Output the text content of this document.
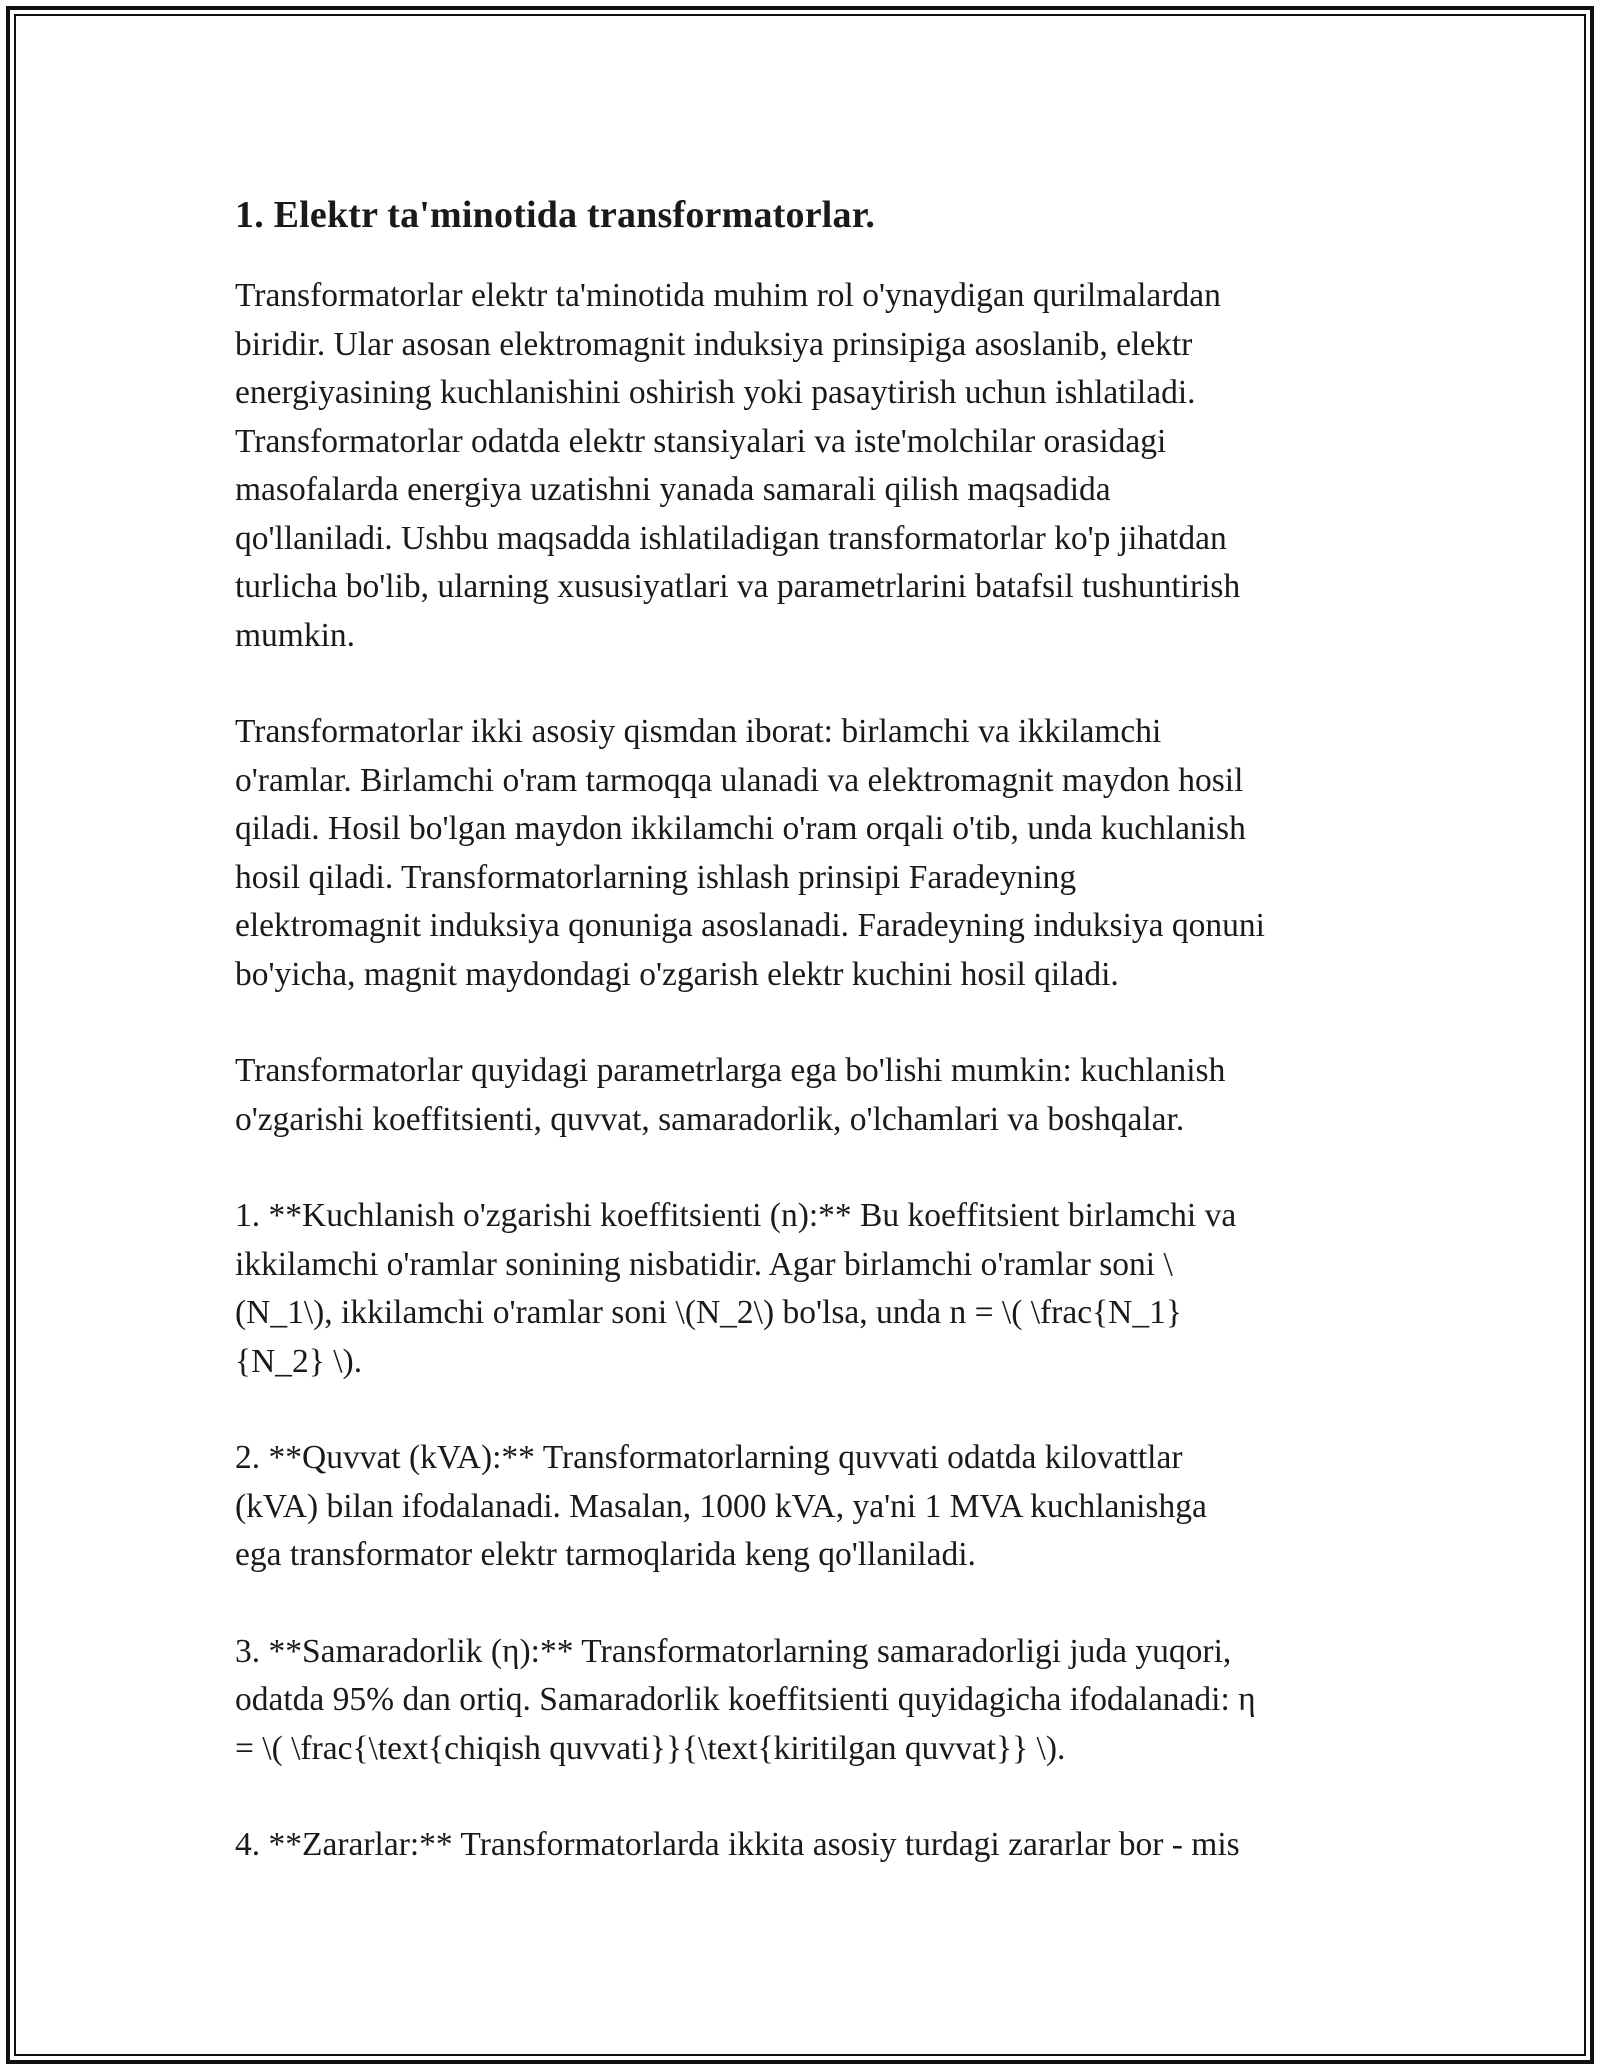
1. Elektr ta'minotida transformatorlar.

Transformatorlar elektr ta'minotida muhim rol o'ynaydigan qurilmalardan
biridir. Ular asosan elektromagnit induksiya prinsipiga asoslanib, elektr
energiyasining kuchlanishini oshirish yoki pasaytirish uchun ishlatiladi.
Transformatorlar odatda elektr stansiyalari va iste'molchilar orasidagi
masofalarda energiya uzatishni yanada samarali qilish maqsadida
qo'llaniladi. Ushbu maqsadda ishlatiladigan transformatorlar ko'p jihatdan
turlicha bo'lib, ularning xususiyatlari va parametrlarini batafsil tushuntirish
mumkin.

Transformatorlar ikki asosiy qismdan iborat: birlamchi va ikkilamchi
o'ramlar. Birlamchi o'ram tarmoqqa ulanadi va elektromagnit maydon hosil
qiladi. Hosil bo'lgan maydon ikkilamchi o'ram orqali o'tib, unda kuchlanish
hosil qiladi. Transformatorlarning ishlash prinsipi Faradeyning
elektromagnit induksiya qonuniga asoslanadi. Faradeyning induksiya qonuni
bo'yicha, magnit maydondagi o'zgarish elektr kuchini hosil qiladi.

Transformatorlar quyidagi parametrlarga ega bo'lishi mumkin: kuchlanish
o'zgarishi koeffitsienti, quvvat, samaradorlik, o'lchamlari va boshqalar.

1. **Kuchlanish o'zgarishi koeffitsienti (n):** Bu koeffitsient birlamchi va
ikkilamchi o'ramlar sonining nisbatidir. Agar birlamchi o'ramlar soni \
(N_1\), ikkilamchi o'ramlar soni \(N_2\) bo'lsa, unda n = \( \frac{N_1}
{N_2} \).

2. **Quvvat (kVA):** Transformatorlarning quvvati odatda kilovattlar
(kVA) bilan ifodalanadi. Masalan, 1000 kVA, ya'ni 1 MVA kuchlanishga
ega transformator elektr tarmoqlarida keng qo'llaniladi.

3. **Samaradorlik (η):** Transformatorlarning samaradorligi juda yuqori,
odatda 95% dan ortiq. Samaradorlik koeffitsienti quyidagicha ifodalanadi: η
= \( \frac{\text{chiqish quvvati}}{\text{kiritilgan quvvat}} \).

4. **Zararlar:** Transformatorlarda ikkita asosiy turdagi zararlar bor - mis
